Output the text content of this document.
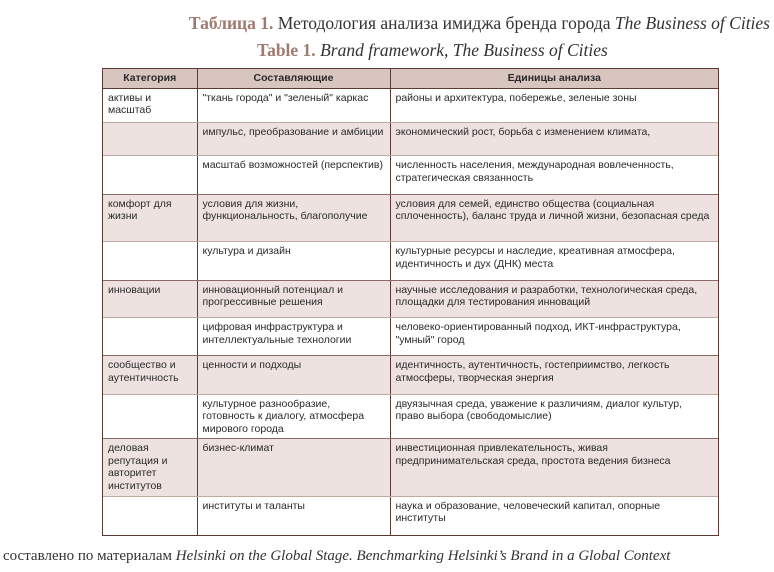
Таблица 1. Методология анализа имиджа бренда города The Business of Cities
Table 1. Brand framework, The Business of Cities
Категория	Составляющие	Единицы анализа
активы и масштаб	"ткань города" и "зеленый" каркас	районы и архитектура, побережье, зеленые зоны
	импульс, преобразование и амбиции	экономический рост, борьба с изменением климата,
	масштаб возможностей (перспектив)	численность населения, международная вовлеченность, стратегическая связанность
комфорт для жизни	условия для жизни, функциональность, благополучие	условия для семей, единство общества (социальная сплоченность), баланс труда и личной жизни, безопасная среда
	культура и дизайн	культурные ресурсы и наследие, креативная атмосфера, идентичность и дух (ДНК) места
инновации	инновационный потенциал и прогрессивные решения	научные исследования и разработки, технологическая среда, площадки для тестирования инноваций
	цифровая инфраструктура и интеллектуальные технологии	человеко-ориентированный подход, ИКТ-инфраструктура, "умный" город
сообщество и аутентичность	ценности и подходы	идентичность, аутентичность, гостеприимство, легкость атмосферы, творческая энергия
	культурное разнообразие, готовность к диалогу, атмосфера мирового города	двуязычная среда, уважение к различиям, диалог культур, право выбора (свободомыслие)
деловая репутация и авторитет институтов	бизнес-климат	инвестиционная привлекательность, живая предпринимательская среда, простота ведения бизнеса
	институты и таланты	наука и образование, человеческий капитал, опорные институты
составлено по материалам Helsinki on the Global Stage. Benchmarking Helsinki’s Brand in a Global Context
